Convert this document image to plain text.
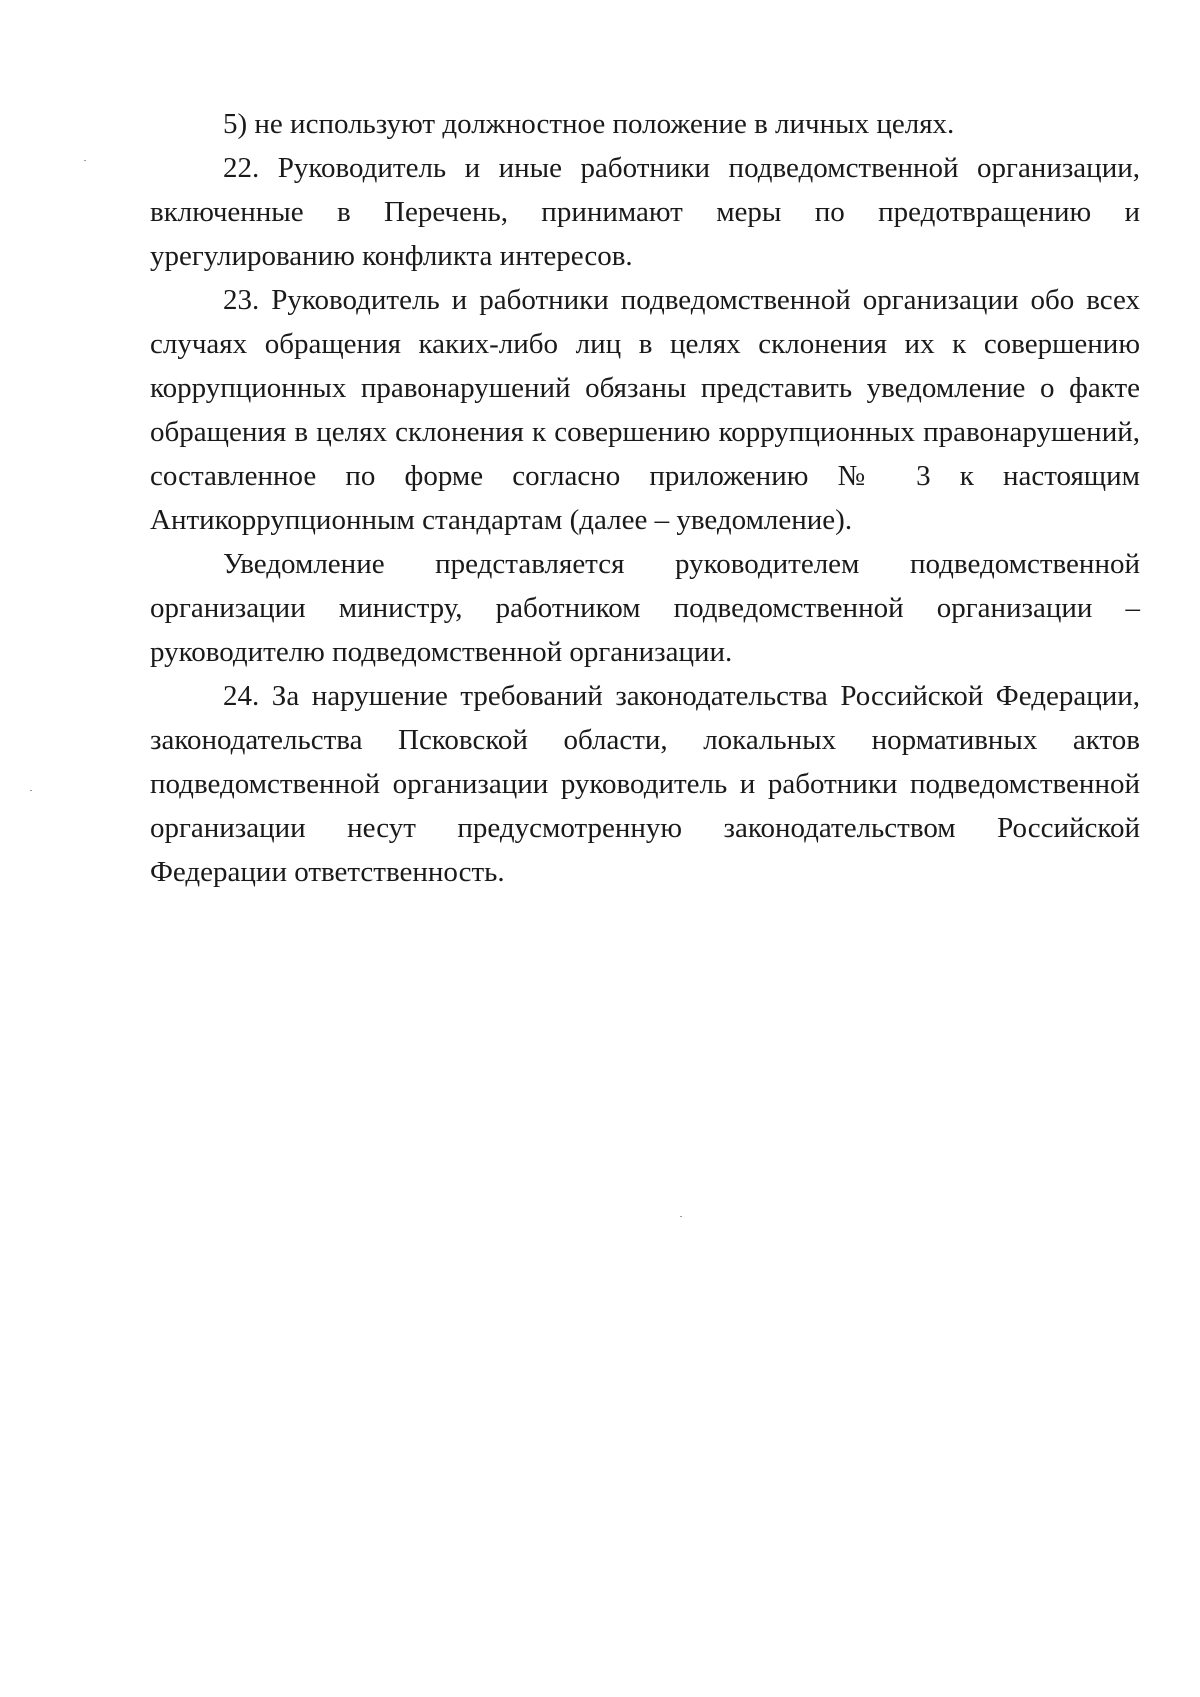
5) не используют должностное положение в личных целях.

22. Руководитель и иные работники подведомственной организации, включенные в Перечень, принимают меры по предотвращению и урегулированию конфликта интересов.

23. Руководитель и работники подведомственной организации обо всех случаях обращения каких-либо лиц в целях склонения их к совершению коррупционных правонарушений обязаны представить уведомление о факте обращения в целях склонения к совершению коррупционных правонарушений, составленное по форме согласно приложению № 3 к настоящим Антикоррупционным стандартам (далее – уведомление).

Уведомление представляется руководителем подведомственной организации министру, работником подведомственной организации – руководителю подведомственной организации.

24. За нарушение требований законодательства Российской Федерации, законодательства Псковской области, локальных нормативных актов подведомственной организации руководитель и работники подведомственной организации несут предусмотренную законодательством Российской Федерации ответственность.
